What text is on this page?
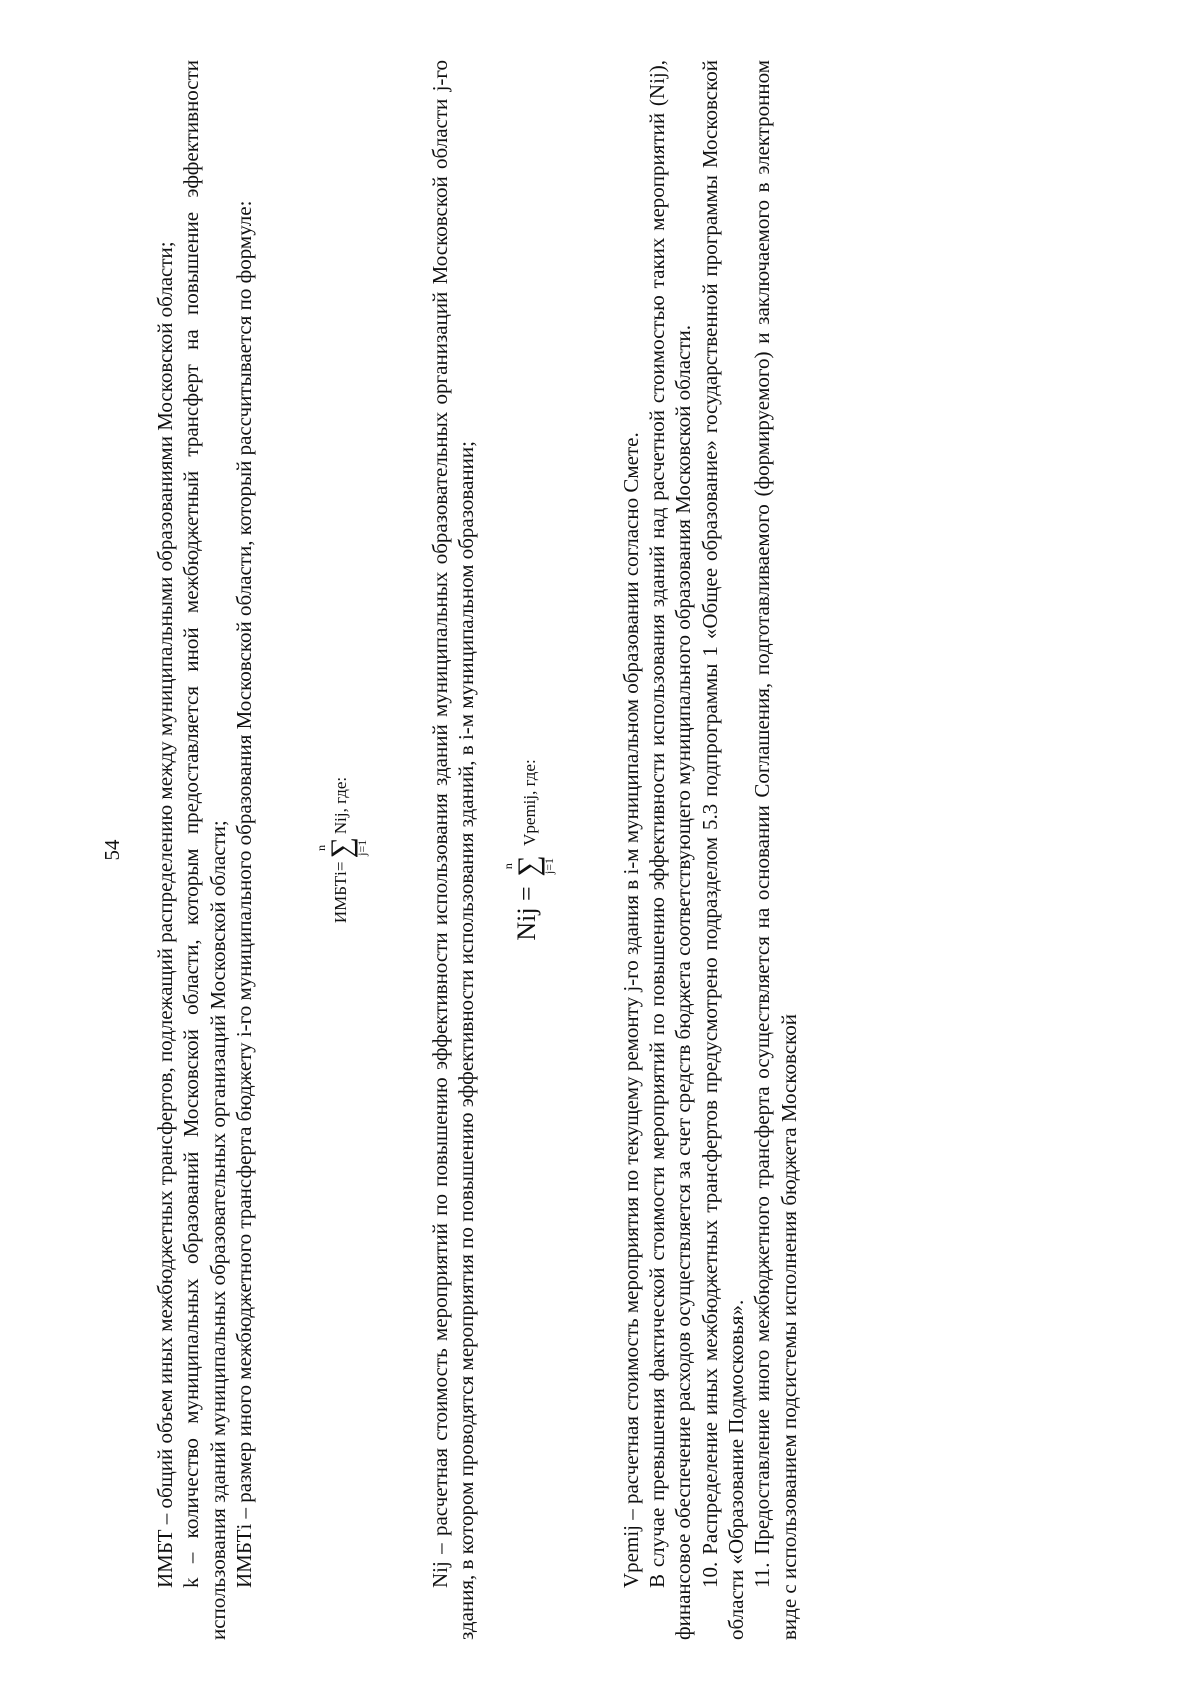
54 ИМБТ – общий объем иных межбюджетных трансфертов, подлежащий распределению между муниципальными образованиями Московской области; k – количество муниципальных образований Московской области, которым предоставляется иной межбюджетный трансферт на повышение эффективности использования зданий муниципальных образовательных организаций Московской области; ИМБТi – размер иного межбюджетного трансферта бюджету i-го муниципального образования Московской области, который рассчитывается по формуле:	ИМБТi=
n
∑
j=1
Nij, где:	Nij – расчетная стоимость мероприятий по повышению эффективности использования зданий муниципальных образовательных организаций Московской области j-го здания, в котором проводятся мероприятия по повышению эффективности использования зданий, в i-м муниципальном образовании;	Nij =
n
∑
j=1
Vpemij, где:	Vpemij – расчетная стоимость мероприятия по текущему ремонту j-го здания в i-м муниципальном образовании согласно Смете. В случае превышения фактической стоимости мероприятий по повышению эффективности использования зданий над расчетной стоимостью таких мероприятий (Nij), финансовое обеспечение расходов осуществляется за счет средств бюджета соответствующего муниципального образования Московской области. 10. Распределение иных межбюджетных трансфертов предусмотрено подразделом 5.3 подпрограммы 1 «Общее образование» государственной программы Московской области «Образование Подмосковья». 11. Предоставление иного межбюджетного трансферта осуществляется на основании Соглашения, подготавливаемого (формируемого) и заключаемого в электронном виде с использованием подсистемы исполнения бюджета Московской
